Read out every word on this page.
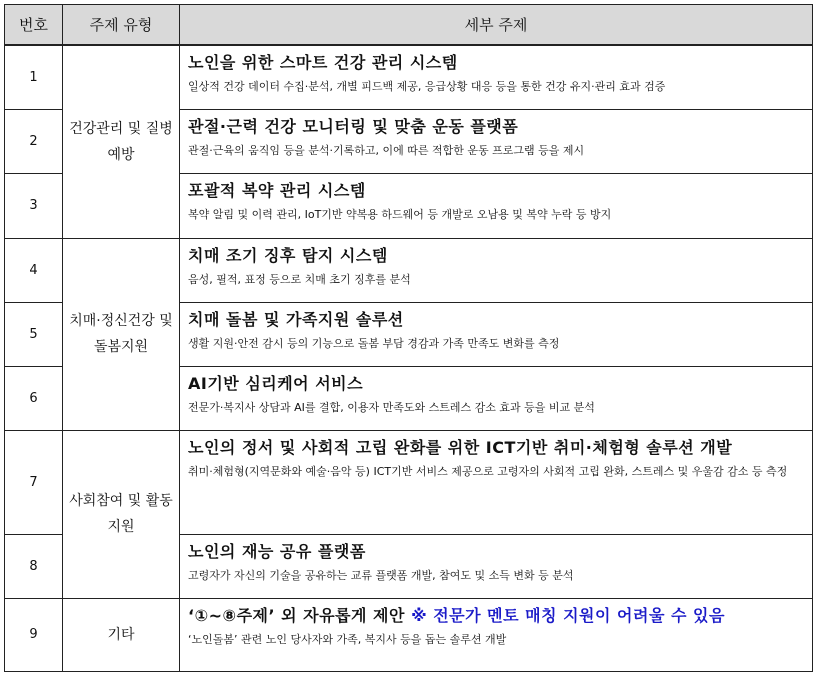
번호	주제 유형	세부 주제
1	건강관리 및 질병예방	노인을 위한 스마트 건강 관리 시스템
일상적 건강 데이터 수집·분석, 개별 피드백 제공, 응급상황 대응 등을 통한 건강 유지·관리 효과 검증

2		관절·근력 건강 모니터링 및 맞춤 운동 플랫폼
관절·근육의 움직임 등을 분석·기록하고, 이에 따른 적합한 운동 프로그램 등을 제시

3		포괄적 복약 관리 시스템
복약 알림 및 이력 관리, IoT기반 약복용 하드웨어 등 개발로 오남용 및 복약 누락 등 방지

4	치매·정신건강 및 돌봄지원	치매 조기 징후 탐지 시스템
음성, 필적, 표정 등으로 치매 초기 징후를 분석

5		치매 돌봄 및 가족지원 솔루션
생활 지원·안전 감시 등의 기능으로 돌봄 부담 경감과 가족 만족도 변화를 측정

6		AI기반 심리케어 서비스
전문가·복지사 상담과 AI를 결합, 이용자 만족도와 스트레스 감소 효과 등을 비교 분석

7	사회참여 및 활동 지원	노인의 정서 및 사회적 고립 완화를 위한 ICT기반 취미·체험형 솔루션 개발
취미·체험형(지역문화와 예술·음악 등) ICT기반 서비스 제공으로 고령자의 사회적 고립 완화, 스트레스 및 우울감 감소 등 측정

8		노인의 재능 공유 플랫폼
고령자가 자신의 기술을 공유하는 교류 플랫폼 개발, 참여도 및 소득 변화 등 분석

9	기타	‘①~⑧주제’ 외 자유롭게 제안 ※ 전문가 멘토 매칭 지원이 어려울 수 있음
‘노인돌봄’ 관련 노인 당사자와 가족, 복지사 등을 돕는 솔루션 개발
